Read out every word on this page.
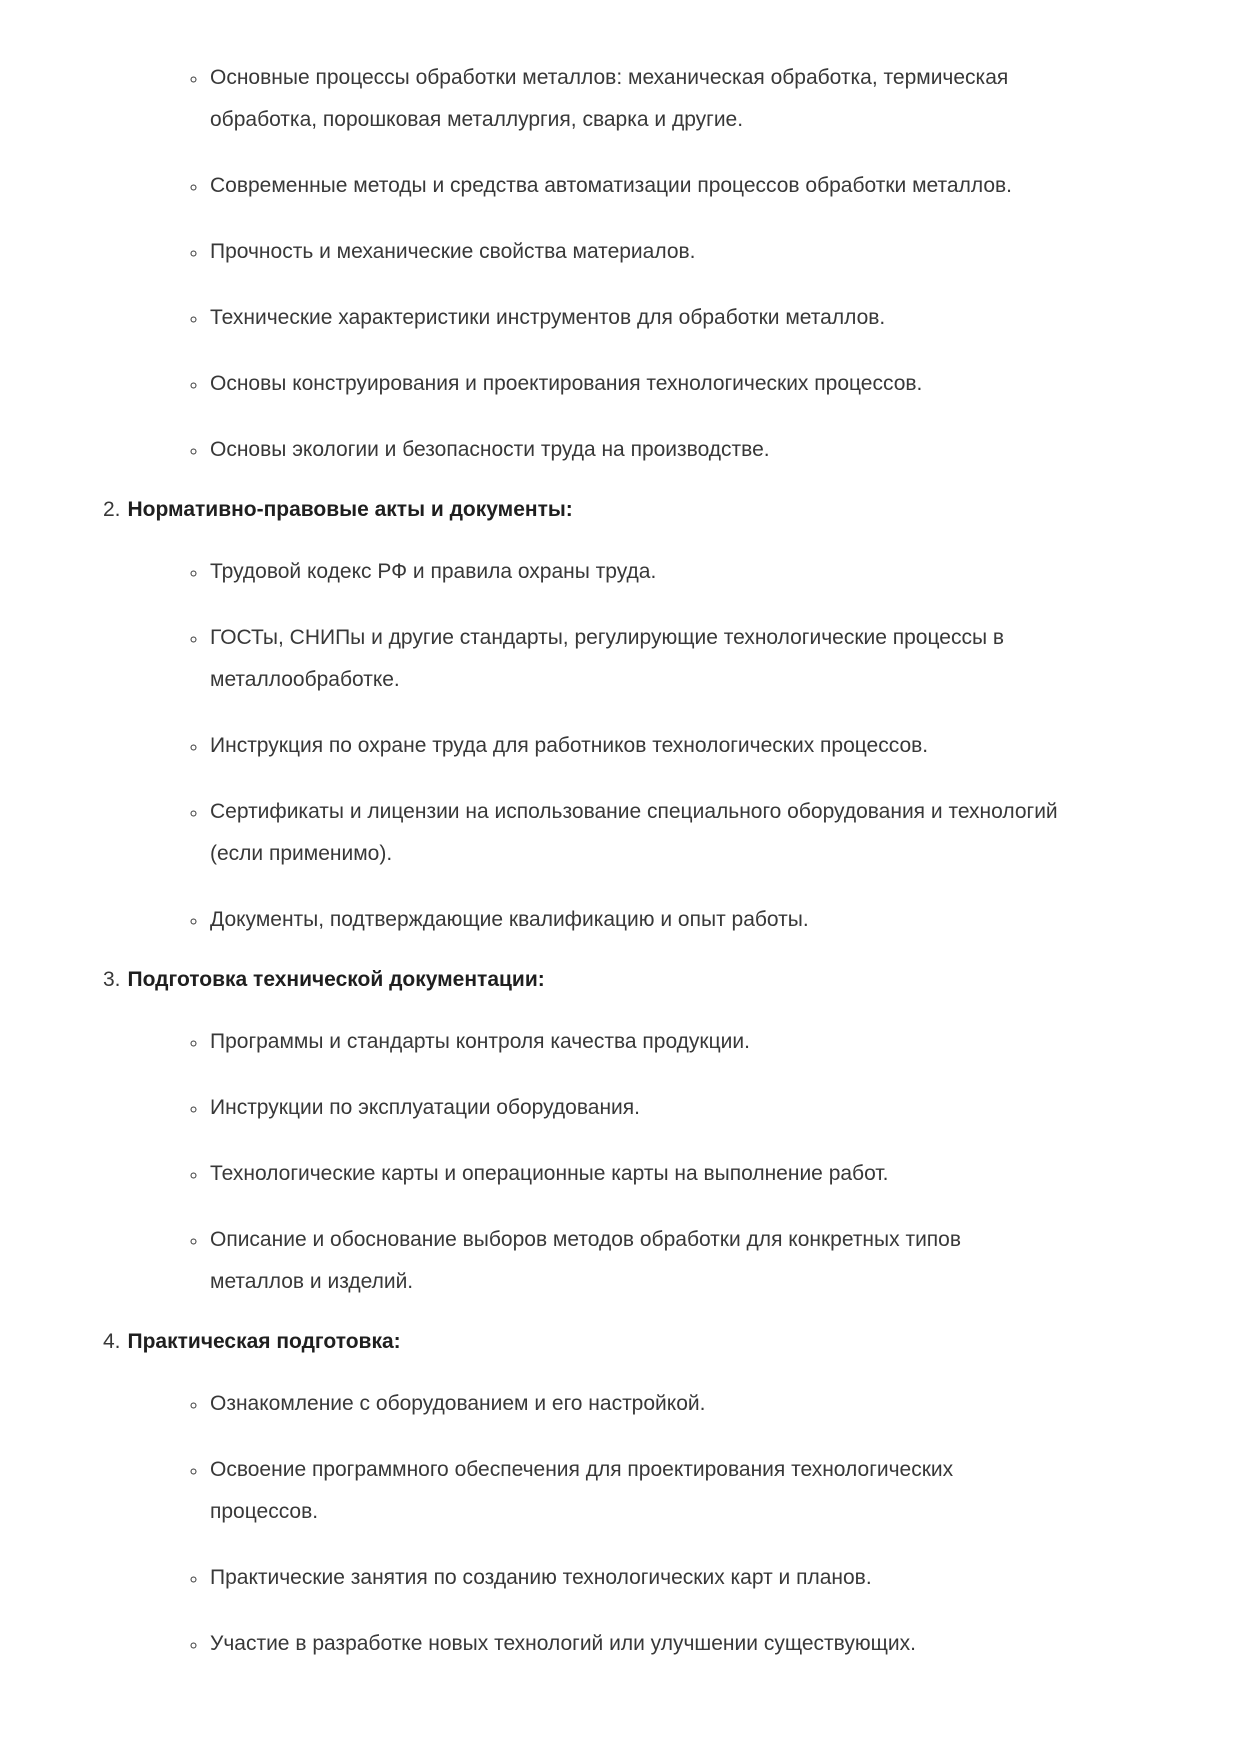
◦ Основные процессы обработки металлов: механическая обработка, термическая обработка, порошковая металлургия, сварка и другие.
◦ Современные методы и средства автоматизации процессов обработки металлов.
◦ Прочность и механические свойства материалов.
◦ Технические характеристики инструментов для обработки металлов.
◦ Основы конструирования и проектирования технологических процессов.
◦ Основы экологии и безопасности труда на производстве.
2. Нормативно-правовые акты и документы:
◦ Трудовой кодекс РФ и правила охраны труда.
◦ ГОСТы, СНИПы и другие стандарты, регулирующие технологические процессы в металлообработке.
◦ Инструкция по охране труда для работников технологических процессов.
◦ Сертификаты и лицензии на использование специального оборудования и технологий (если применимо).
◦ Документы, подтверждающие квалификацию и опыт работы.
3. Подготовка технической документации:
◦ Программы и стандарты контроля качества продукции.
◦ Инструкции по эксплуатации оборудования.
◦ Технологические карты и операционные карты на выполнение работ.
◦ Описание и обоснование выборов методов обработки для конкретных типов металлов и изделий.
4. Практическая подготовка:
◦ Ознакомление с оборудованием и его настройкой.
◦ Освоение программного обеспечения для проектирования технологических процессов.
◦ Практические занятия по созданию технологических карт и планов.
◦ Участие в разработке новых технологий или улучшении существующих.
